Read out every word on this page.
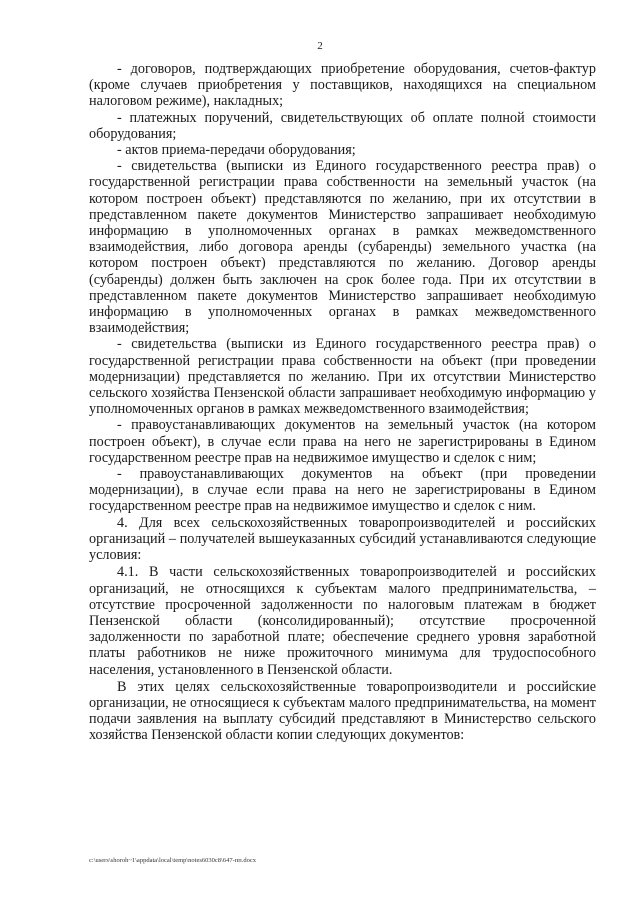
2

- договоров, подтверждающих приобретение оборудования, счетов-фактур (кроме случаев приобретения у поставщиков, находящихся на специальном налоговом режиме), накладных;

- платежных поручений, свидетельствующих об оплате полной стоимости оборудования;

- актов приема-передачи оборудования;

- свидетельства (выписки из Единого государственного реестра прав) о государственной регистрации права собственности на земельный участок (на котором построен объект) представляются по желанию, при их отсутствии в представленном пакете документов Министерство запрашивает необходимую информацию в уполномоченных органах в рамках межведомственного взаимодействия, либо договора аренды (субаренды) земельного участка (на котором построен объект) представляются по желанию. Договор аренды (субаренды) должен быть заключен на срок более года. При их отсутствии в представленном пакете документов Министерство запрашивает необходимую информацию в уполномоченных органах в рамках межведомственного взаимодействия;

- свидетельства (выписки из Единого государственного реестра прав) о государственной регистрации права собственности на объект (при проведении модернизации) представляется по желанию. При их отсутствии Министерство сельского хозяйства Пензенской области запрашивает необходимую информацию у уполномоченных органов в рамках межведомственного взаимодействия;

- правоустанавливающих документов на земельный участок (на котором построен объект), в случае если права на него не зарегистрированы в Едином государственном реестре прав на недвижимое имущество и сделок с ним;

- правоустанавливающих документов на объект (при проведении модернизации), в случае если права на него не зарегистрированы в Едином государственном реестре прав на недвижимое имущество и сделок с ним.

4. Для всех сельскохозяйственных товаропроизводителей и российских организаций – получателей вышеуказанных субсидий устанавливаются следующие условия:

4.1. В части сельскохозяйственных товаропроизводителей и российских организаций, не относящихся к субъектам малого предпринимательства, – отсутствие просроченной задолженности по налоговым платежам в бюджет Пензенской области (консолидированный); отсутствие просроченной задолженности по заработной плате; обеспечение среднего уровня заработной платы работников не ниже прожиточного минимума для трудоспособного населения, установленного в Пензенской области.

В этих целях сельскохозяйственные товаропроизводители и российские организации, не относящиеся к субъектам малого предпринимательства, на момент подачи заявления на выплату субсидий представляют в Министерство сельского хозяйства Пензенской области копии следующих документов:

c:\users\shoroh~1\appdata\local\temp\notes6030c8\647-пп.docx
